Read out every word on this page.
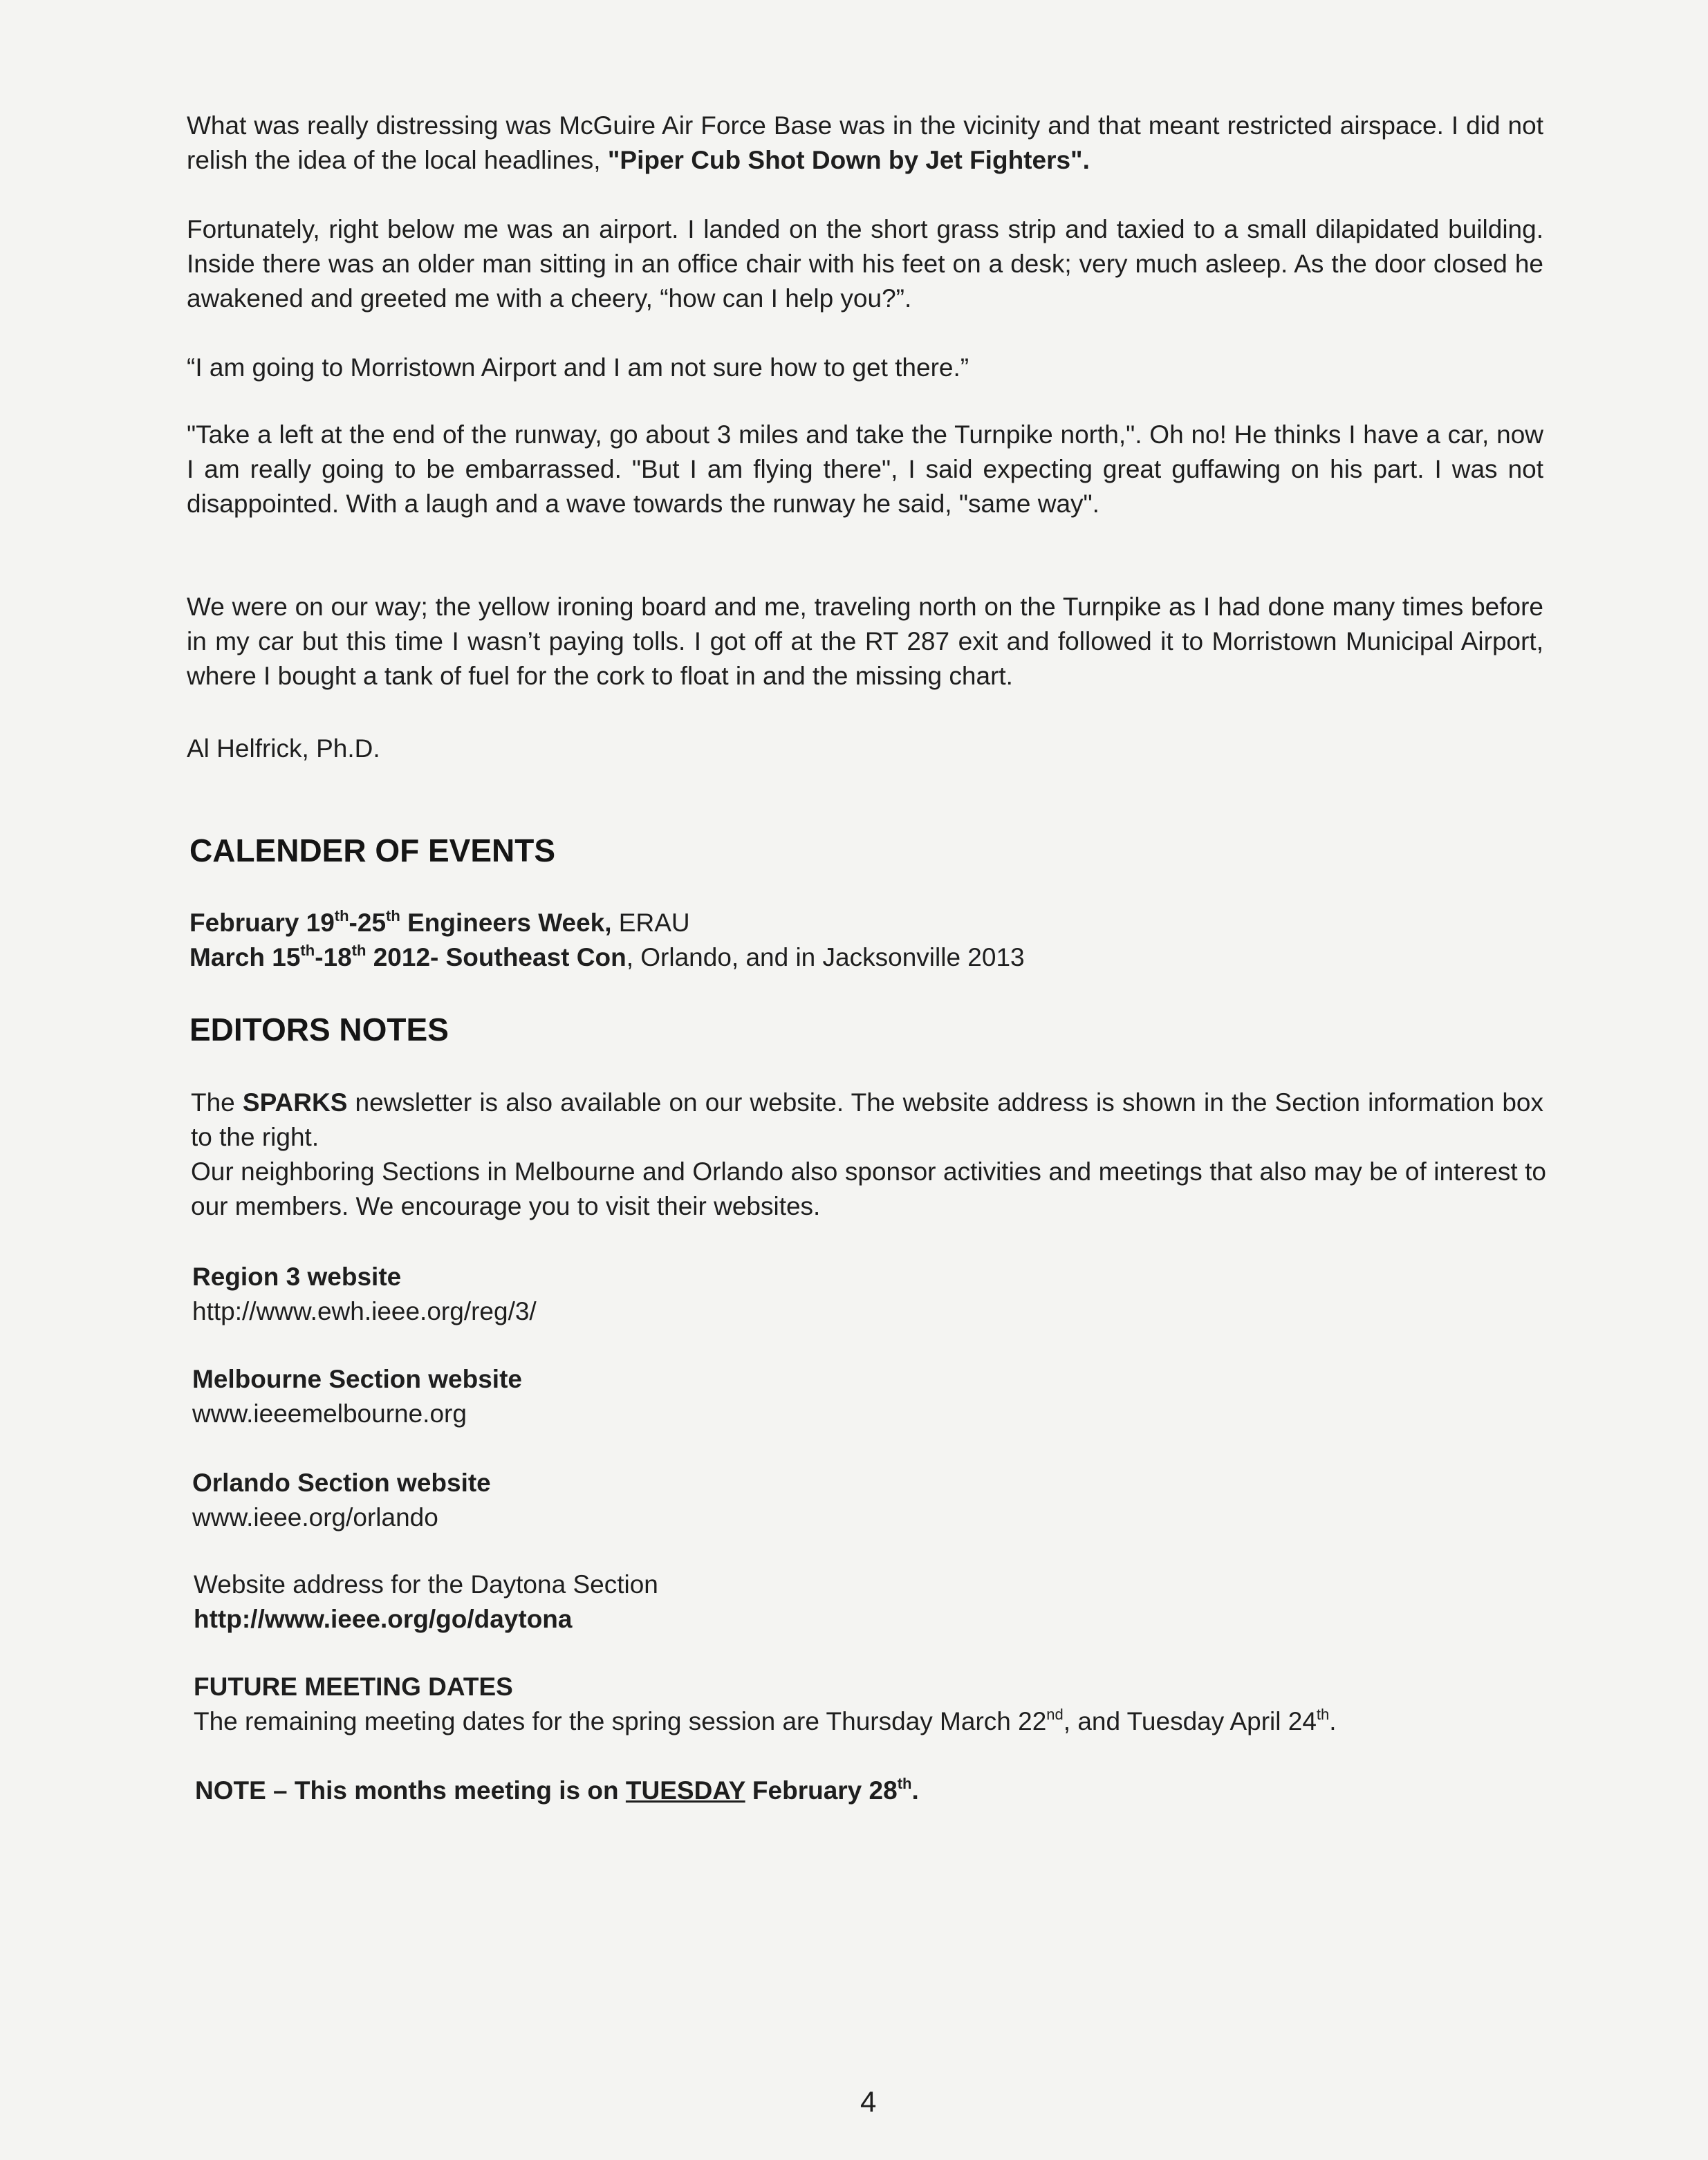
What was really distressing was McGuire Air Force Base was in the vicinity and that meant restricted airspace. I did not relish the idea of the local headlines, "Piper Cub Shot Down by Jet Fighters".

Fortunately, right below me was an airport. I landed on the short grass strip and taxied to a small dilapidated building. Inside there was an older man sitting in an office chair with his feet on a desk; very much asleep. As the door closed he awakened and greeted me with a cheery, “how can I help you?”.

“I am going to Morristown Airport and I am not sure how to get there.”

"Take a left at the end of the runway, go about 3 miles and take the Turnpike north,". Oh no! He thinks I have a car, now I am really going to be embarrassed. "But I am flying there", I said expecting great guffawing on his part. I was not disappointed. With a laugh and a wave towards the runway he said, "same way".

We were on our way; the yellow ironing board and me, traveling north on the Turnpike as I had done many times before in my car but this time I wasn’t paying tolls. I got off at the RT 287 exit and followed it to Morristown Municipal Airport, where I bought a tank of fuel for the cork to float in and the missing chart.

Al Helfrick, Ph.D.

CALENDER OF EVENTS

February 19th-25th Engineers Week, ERAU

March 15th-18th 2012- Southeast Con, Orlando, and in Jacksonville 2013

EDITORS NOTES

The SPARKS newsletter is also available on our website. The website address is shown in the Section information box to the right.

Our neighboring Sections in Melbourne and Orlando also sponsor activities and meetings that also may be of interest to our members. We encourage you to visit their websites.

Region 3 website

http://www.ewh.ieee.org/reg/3/

Melbourne Section website

www.ieeemelbourne.org

Orlando Section website

www.ieee.org/orlando

Website address for the Daytona Section

http://www.ieee.org/go/daytona

FUTURE MEETING DATES

The remaining meeting dates for the spring session are Thursday March 22nd, and Tuesday April 24th.

NOTE – This months meeting is on TUESDAY February 28th.

4
